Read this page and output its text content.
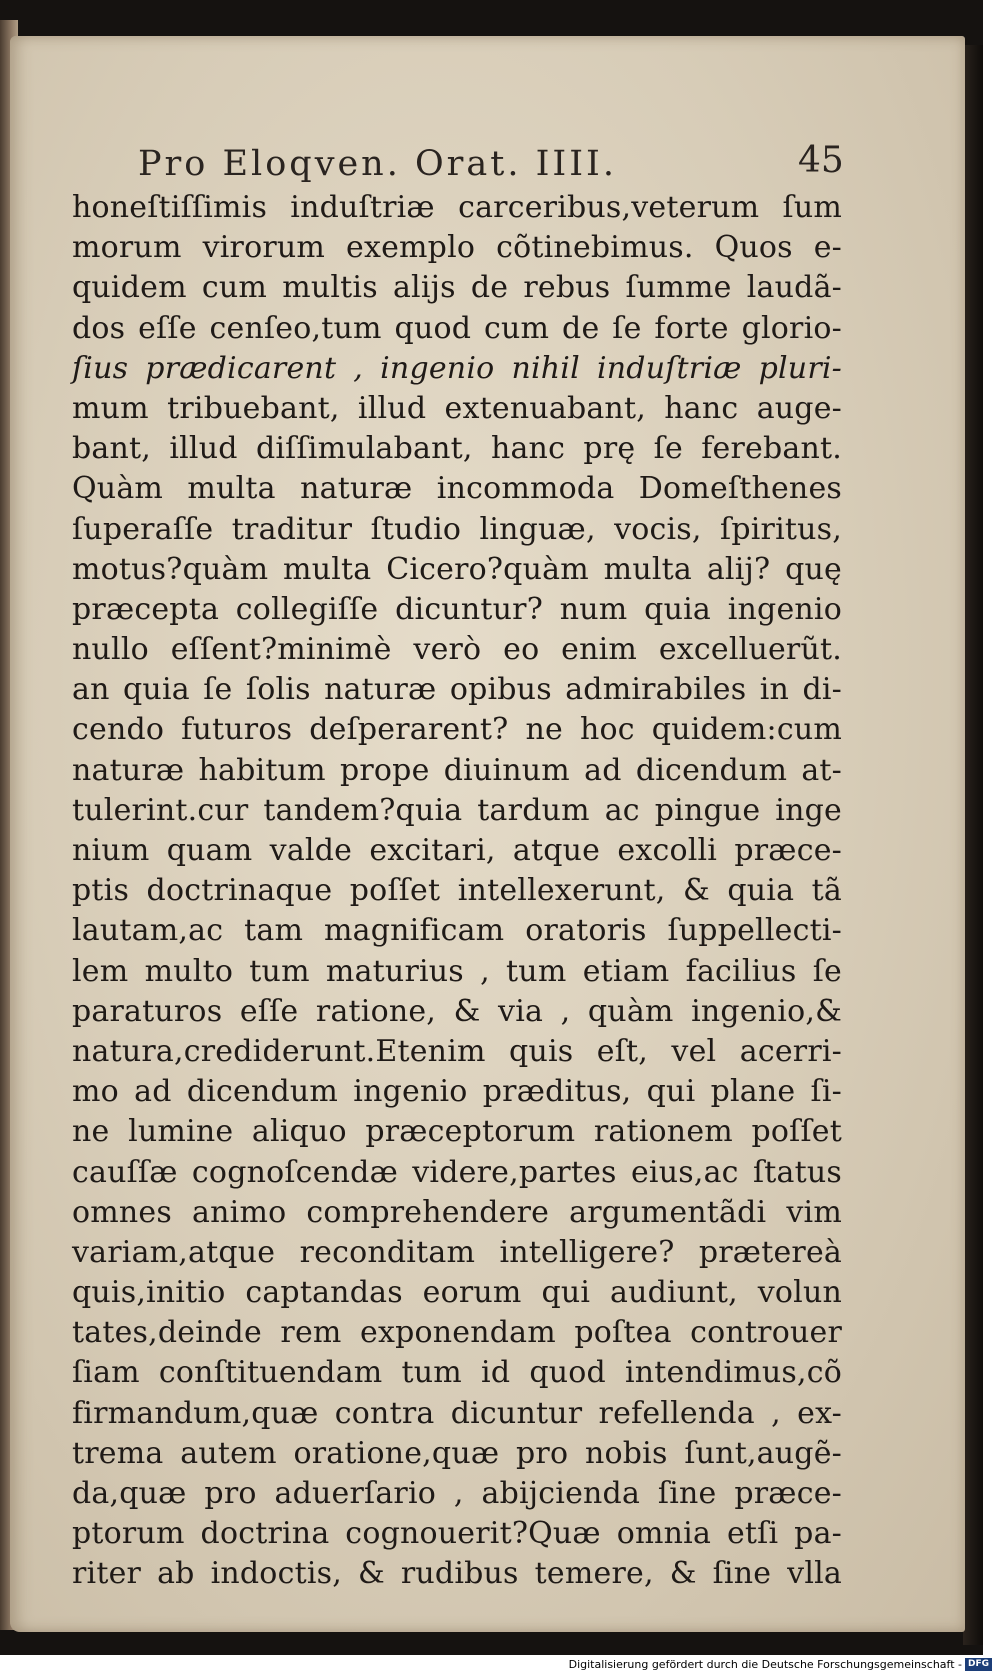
Pro Eloqven. Orat. IIII.	45
honeſtiſſimis induſtriæ carceribus,veterum ſum
morum virorum exemplo cõtinebimus. Quos e-
quidem cum multis alijs de rebus ſumme laudã-
dos eſſe cenſeo,tum quod cum de ſe forte glorio-
ſius prædicarent , ingenio nihil induſtriæ pluri-
mum tribuebant, illud extenuabant, hanc auge-
bant, illud diſſimulabant, hanc prę ſe ferebant.
Quàm multa naturæ incommoda Domeſthenes
ſuperaſſe traditur ſtudio linguæ, vocis, ſpiritus,
motus?quàm multa Cicero?quàm multa alij? quę
præcepta collegiſſe dicuntur? num quia ingenio
nullo eſſent?minimè verò eo enim excelluerũt.
an quia ſe ſolis naturæ opibus admirabiles in di-
cendo futuros deſperarent? ne hoc quidem:cum
naturæ habitum prope diuinum ad dicendum at-
tulerint.cur tandem?quia tardum ac pingue inge
nium quam valde excitari, atque excolli præce-
ptis doctrinaque poſſet intellexerunt, & quia tã
lautam,ac tam magnificam oratoris ſuppellecti-
lem multo tum maturius , tum etiam facilius ſe
paraturos eſſe ratione, & via , quàm ingenio,&
natura,crediderunt.Etenim quis eſt, vel acerri-
mo ad dicendum ingenio præditus, qui plane ſi-
ne lumine aliquo præceptorum rationem poſſet
cauſſæ cognoſcendæ videre,partes eius,ac ſtatus
omnes animo comprehendere argumentãdi vim
variam,atque reconditam intelligere? prætereà
quis,initio captandas eorum qui audiunt, volun
tates,deinde rem exponendam poſtea controuer
ſiam conſtituendam tum id quod intendimus,cõ
firmandum,quæ contra dicuntur refellenda , ex-
trema autem oratione,quæ pro nobis ſunt,augẽ-
da,quæ pro aduerſario , abijcienda ſine præce-
ptorum doctrina cognouerit?Quæ omnia etſi pa-
riter ab indoctis, & rudibus temere, & ſine vlla
Digitalisierung gefördert durch die Deutsche Forschungsgemeinschaft - DFG
